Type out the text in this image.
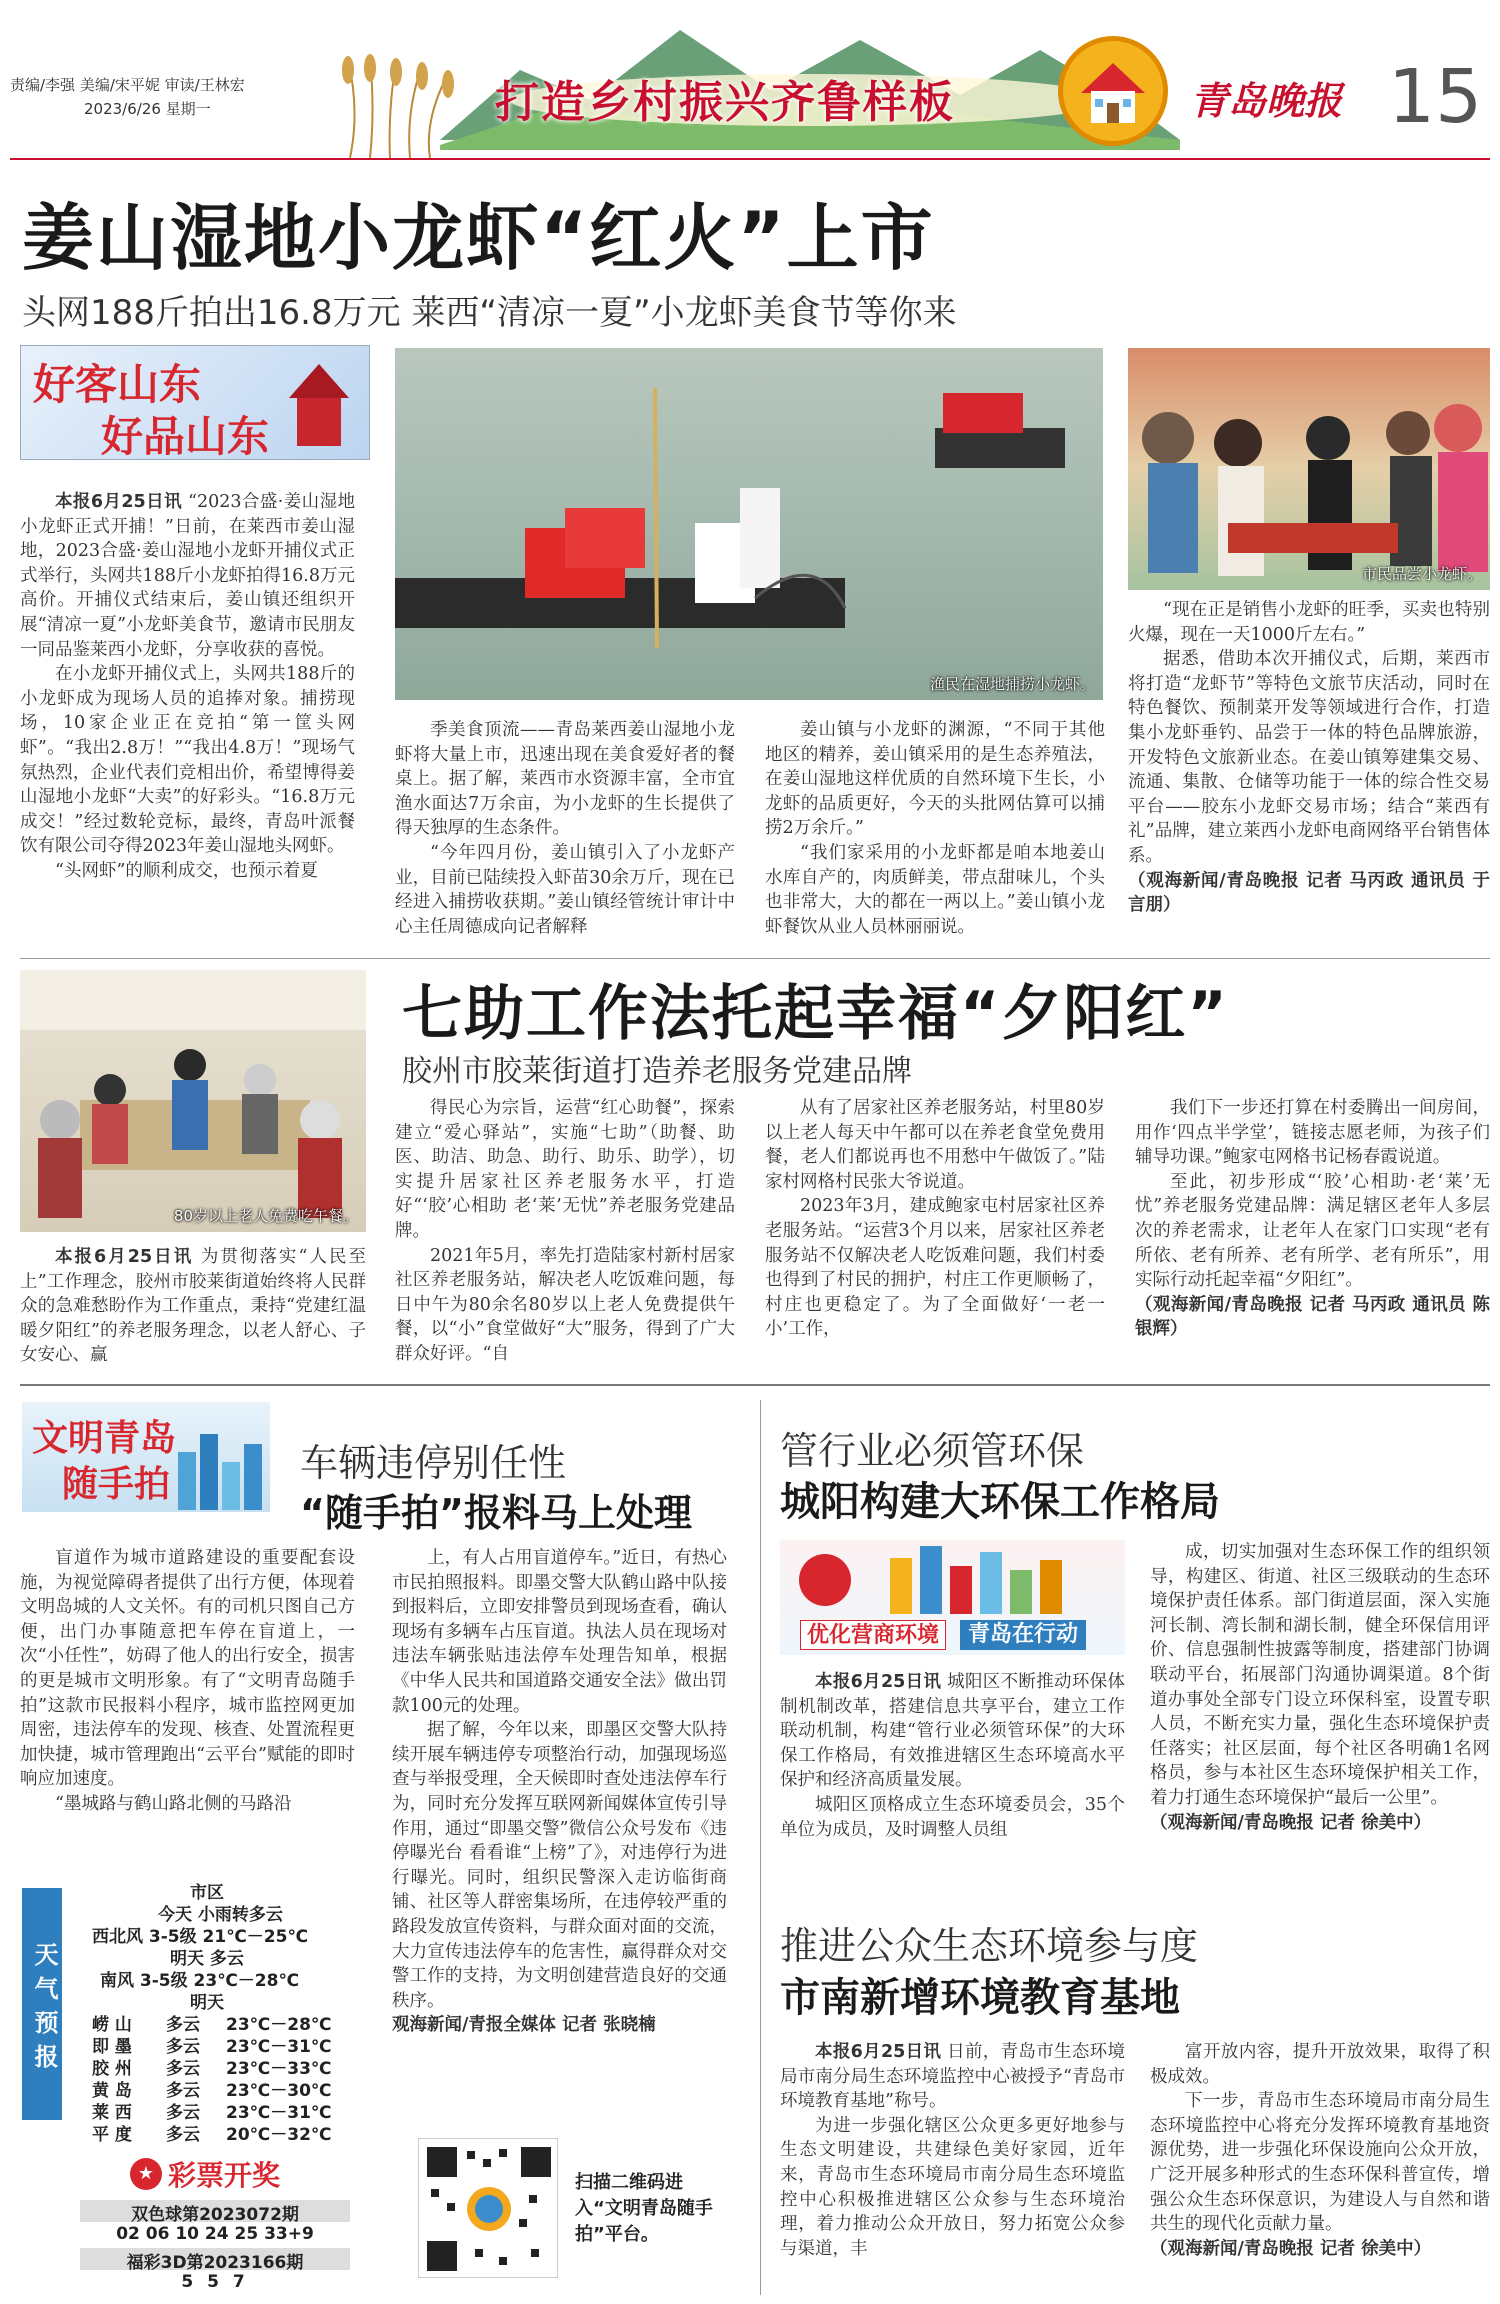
责编/李强 美编/宋平妮 审读/王林宏
2023/6/26 星期一	打造乡村振兴齐鲁样板	青岛晚报 15
姜山湿地小龙虾“红火”上市
头网188斤拍出16.8万元 莱西“清凉一夏”小龙虾美食节等你来
好客山东
好品山东

本报6月25日讯 “2023合盛·姜山湿地小龙虾正式开捕！”日前，在莱西市姜山湿地，2023合盛·姜山湿地小龙虾开捕仪式正式举行，头网共188斤小龙虾拍得16.8万元高价。开捕仪式结束后，姜山镇还组织开展“清凉一夏”小龙虾美食节，邀请市民朋友一同品鉴莱西小龙虾，分享收获的喜悦。

在小龙虾开捕仪式上，头网共188斤的小龙虾成为现场人员的追捧对象。捕捞现场，10家企业正在竞拍“第一筐头网虾”。“我出2.8万！”“我出4.8万！”现场气氛热烈，企业代表们竞相出价，希望博得姜山湿地小龙虾“大卖”的好彩头。“16.8万元成交！”经过数轮竞标，最终，青岛叶派餐饮有限公司夺得2023年姜山湿地头网虾。

“头网虾”的顺利成交，也预示着夏

渔民在湿地捕捞小龙虾。

季美食顶流——青岛莱西姜山湿地小龙虾将大量上市，迅速出现在美食爱好者的餐桌上。据了解，莱西市水资源丰富，全市宜渔水面达7万余亩，为小龙虾的生长提供了得天独厚的生态条件。

“今年四月份，姜山镇引入了小龙虾产业，目前已陆续投入虾苗30余万斤，现在已经进入捕捞收获期。”姜山镇经管统计审计中心主任周德成向记者解释

姜山镇与小龙虾的渊源，“不同于其他地区的精养，姜山镇采用的是生态养殖法，在姜山湿地这样优质的自然环境下生长，小龙虾的品质更好，今天的头批网估算可以捕捞2万余斤。”

“我们家采用的小龙虾都是咱本地姜山水库自产的，肉质鲜美，带点甜味儿，个头也非常大，大的都在一两以上。”姜山镇小龙虾餐饮从业人员林丽丽说。

市民品尝小龙虾。

“现在正是销售小龙虾的旺季，买卖也特别火爆，现在一天1000斤左右。”

据悉，借助本次开捕仪式，后期，莱西市将打造“龙虾节”等特色文旅节庆活动，同时在特色餐饮、预制菜开发等领域进行合作，打造集小龙虾垂钓、品尝于一体的特色品牌旅游，开发特色文旅新业态。在姜山镇筹建集交易、流通、集散、仓储等功能于一体的综合性交易平台——胶东小龙虾交易市场；结合“莱西有礼”品牌，建立莱西小龙虾电商网络平台销售体系。

（观海新闻/青岛晚报 记者 马丙政 通讯员 于言朋）
80岁以上老人免费吃午餐。
七助工作法托起幸福“夕阳红”
胶州市胶莱街道打造养老服务党建品牌

本报6月25日讯 为贯彻落实“人民至上”工作理念，胶州市胶莱街道始终将人民群众的急难愁盼作为工作重点，秉持“党建红温暖夕阳红”的养老服务理念，以老人舒心、子女安心、赢

得民心为宗旨，运营“红心助餐”，探索建立“爱心驿站”，实施“七助”（助餐、助医、助洁、助急、助行、助乐、助学），切实提升居家社区养老服务水平，打造好“‘胶’心相助 老‘莱’无忧”养老服务党建品牌。

2021年5月，率先打造陆家村新村居家社区养老服务站，解决老人吃饭难问题，每日中午为80余名80岁以上老人免费提供午餐，以“小”食堂做好“大”服务，得到了广大群众好评。“自

从有了居家社区养老服务站，村里80岁以上老人每天中午都可以在养老食堂免费用餐，老人们都说再也不用愁中午做饭了。”陆家村网格村民张大爷说道。

2023年3月，建成鲍家屯村居家社区养老服务站。“运营3个月以来，居家社区养老服务站不仅解决老人吃饭难问题，我们村委也得到了村民的拥护，村庄工作更顺畅了，村庄也更稳定了。为了全面做好‘一老一小’工作，

我们下一步还打算在村委腾出一间房间，用作‘四点半学堂’，链接志愿老师，为孩子们辅导功课。”鲍家屯网格书记杨春霞说道。

至此，初步形成“‘胶’心相助·老‘莱’无忧”养老服务党建品牌：满足辖区老年人多层次的养老需求，让老年人在家门口实现“老有所依、老有所养、老有所学、老有所乐”，用实际行动托起幸福“夕阳红”。

（观海新闻/青岛晚报 记者 马丙政 通讯员 陈银辉）
文明青岛
随手拍	车辆违停别任性
“随手拍”报料马上处理

盲道作为城市道路建设的重要配套设施，为视觉障碍者提供了出行方便，体现着文明岛城的人文关怀。有的司机只图自己方便，出门办事随意把车停在盲道上，一次“小任性”，妨碍了他人的出行安全，损害的更是城市文明形象。有了“文明青岛随手拍”这款市民报料小程序，城市监控网更加周密，违法停车的发现、核查、处置流程更加快捷，城市管理跑出“云平台”赋能的即时响应加速度。

“墨城路与鹤山路北侧的马路沿

上，有人占用盲道停车。”近日，有热心市民拍照报料。即墨交警大队鹤山路中队接到报料后，立即安排警员到现场查看，确认现场有多辆车占压盲道。执法人员在现场对违法车辆张贴违法停车处理告知单，根据《中华人民共和国道路交通安全法》做出罚款100元的处理。

据了解，今年以来，即墨区交警大队持续开展车辆违停专项整治行动，加强现场巡查与举报受理，全天候即时查处违法停车行为，同时充分发挥互联网新闻媒体宣传引导作用，通过“即墨交警”微信公众号发布《违停曝光台 看看谁“上榜”了》，对违停行为进行曝光。同时，组织民警深入走访临街商铺、社区等人群密集场所，在违停较严重的路段发放宣传资料，与群众面对面的交流，大力宣传违法停车的危害性，赢得群众对交警工作的支持，为文明创建营造良好的交通秩序。

观海新闻/青报全媒体 记者 张晓楠
天气预报
市区
今天 小雨转多云
西北风 3-5级 21℃－25℃
明天 多云
南风 3-5级 23℃－28℃
明天
崂 山	多云	23℃－28℃
即 墨	多云	23℃－31℃
胶 州	多云	23℃－33℃
黄 岛	多云	23℃－30℃
莱 西	多云	23℃－31℃
平 度	多云	20℃－32℃
★ 彩票开奖
双色球第2023072期
02 06 10 24 25 33+9
福彩3D第2023166期
5 5 7
扫描二维码进入“文明青岛随手拍”平台。
管行业必须管环保
城阳构建大环保工作格局
优化营商环境	青岛在行动

本报6月25日讯 城阳区不断推动环保体制机制改革，搭建信息共享平台，建立工作联动机制，构建“管行业必须管环保”的大环保工作格局，有效推进辖区生态环境高水平保护和经济高质量发展。

城阳区顶格成立生态环境委员会，35个单位为成员，及时调整人员组

成，切实加强对生态环保工作的组织领导，构建区、街道、社区三级联动的生态环境保护责任体系。部门街道层面，深入实施河长制、湾长制和湖长制，健全环保信用评价、信息强制性披露等制度，搭建部门协调联动平台，拓展部门沟通协调渠道。8个街道办事处全部专门设立环保科室，设置专职人员，不断充实力量，强化生态环境保护责任落实；社区层面，每个社区各明确1名网格员，参与本社区生态环境保护相关工作，着力打通生态环境保护“最后一公里”。

（观海新闻/青岛晚报 记者 徐美中）
推进公众生态环境参与度
市南新增环境教育基地

本报6月25日讯 日前，青岛市生态环境局市南分局生态环境监控中心被授予“青岛市环境教育基地”称号。

为进一步强化辖区公众更多更好地参与生态文明建设，共建绿色美好家园，近年来，青岛市生态环境局市南分局生态环境监控中心积极推进辖区公众参与生态环境治理，着力推动公众开放日，努力拓宽公众参与渠道，丰

富开放内容，提升开放效果，取得了积极成效。

下一步，青岛市生态环境局市南分局生态环境监控中心将充分发挥环境教育基地资源优势，进一步强化环保设施向公众开放，广泛开展多种形式的生态环保科普宣传，增强公众生态环保意识，为建设人与自然和谐共生的现代化贡献力量。

（观海新闻/青岛晚报 记者 徐美中）
